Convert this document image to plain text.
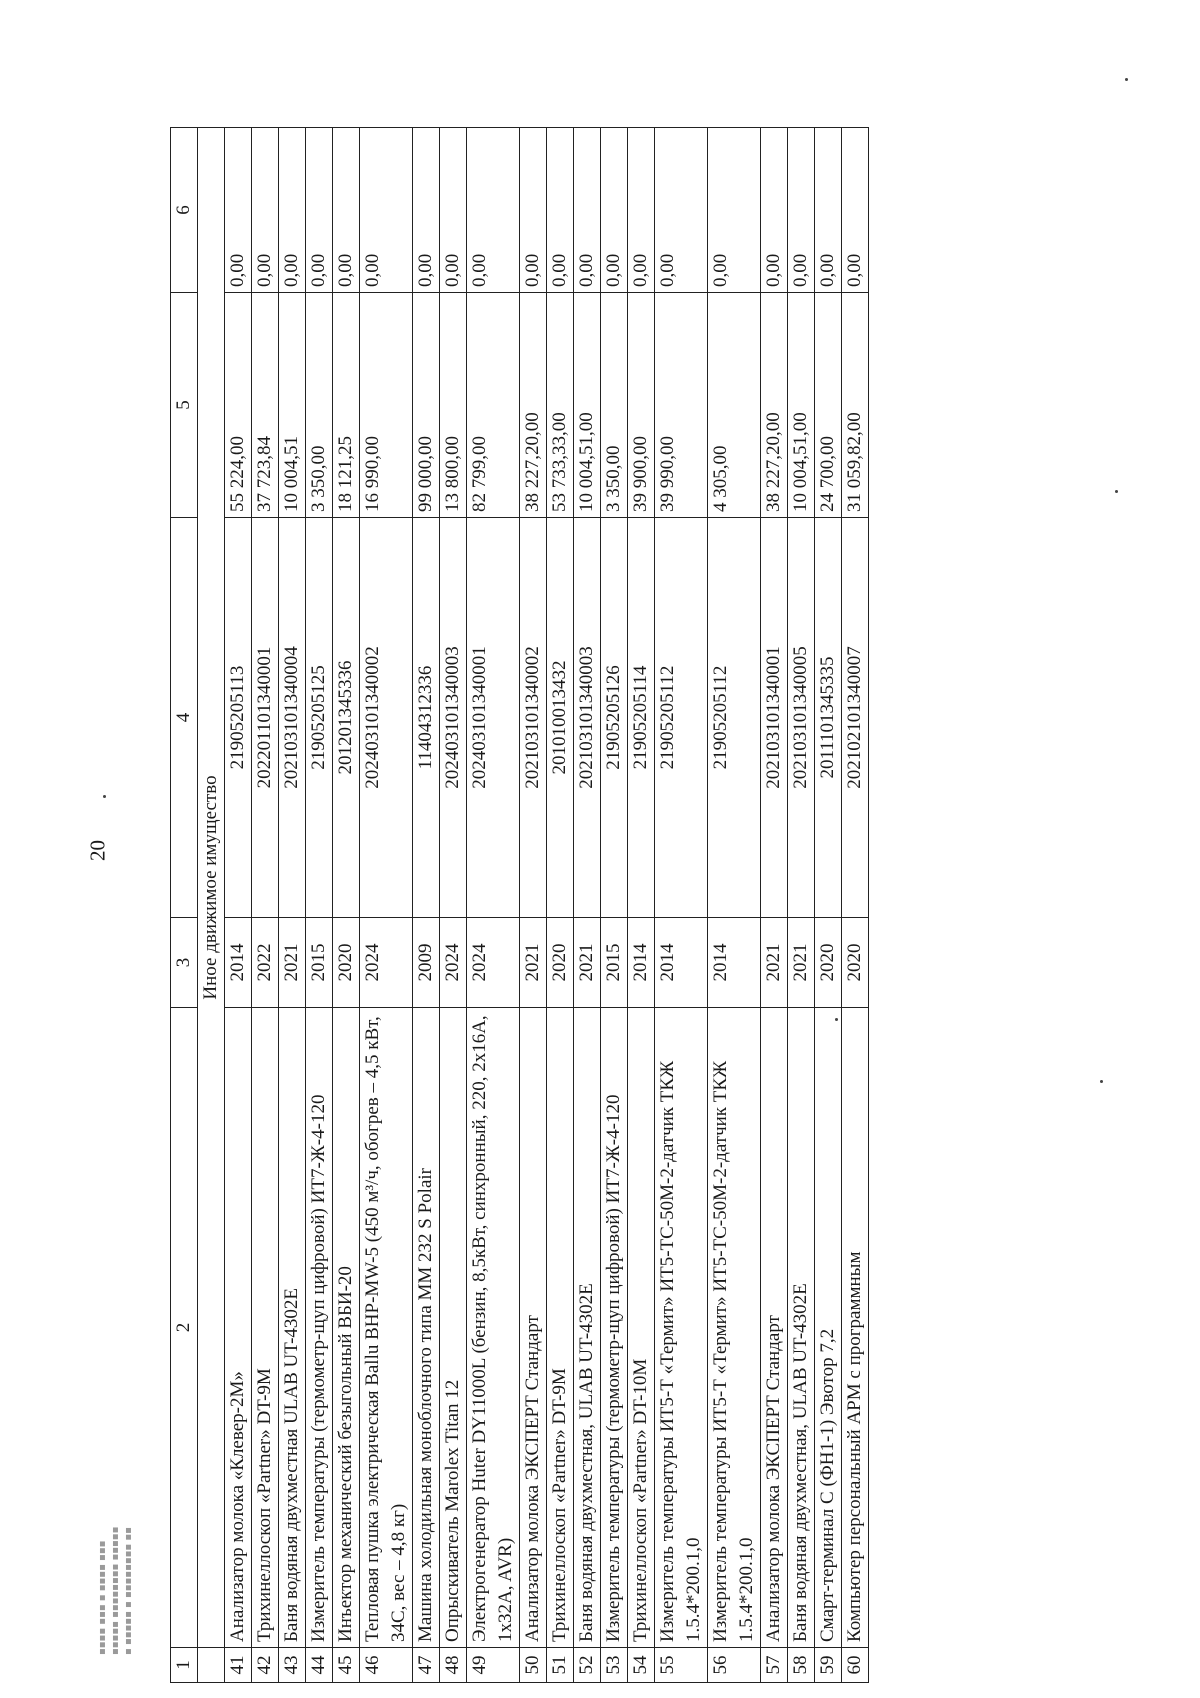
20
▪▪▪▪ ▪▪▪ ▪ ▪▪▪▪ ▪▪▪ ▪▪▪▪▪ ▪▪▪▪▪▪▪▪ ▪▪▪▪▪ ▪ ▪▪▪▪▪ ▪ ▪▪▪▪▪▪▪▪ ▪▪
1	2	3	4	5	6
	Иное движимое имущество				
41	Анализатор молока «Клевер-2М»	2014	21905205113	55 224,00	0,00
42	Трихинеллоскоп «Partner» DT-9M	2022	202201101340001	37 723,84	0,00
43	Баня водяная двухместная ULAB UT-4302E	2021	202103101340004	10 004,51	0,00
44	Измеритель температуры (термометр-щуп цифровой) ИТ7-Ж-4-120	2015	21905205125	3 350,00	0,00
45	Инъектор механический безыгольный ВБИ-20	2020	201201345336	18 121,25	0,00
46	Тепловая пушка электрическая Ballu BHP-MW-5 (450 м³/ч, обогрев – 4,5 кВт, 34С, вес – 4,8 кг)	2024	202403101340002	16 990,00	0,00
47	Машина холодильная моноблочного типа ММ 232 S Polair	2009	11404312336	99 000,00	0,00
48	Опрыскиватель Marolex Titan 12	2024	202403101340003	13 800,00	0,00
49	Электрогенератор Huter DY11000L (бензин, 8,5кВт, синхронный, 220, 2x16A, 1x32A, AVR)	2024	202403101340001	82 799,00	0,00
50	Анализатор молока ЭКСПЕРТ Стандарт	2021	202103101340002	38 227,20,00	0,00
51	Трихинеллоскоп «Partner» DT-9M	2020	201010013432	53 733,33,00	0,00
52	Баня водяная двухместная, ULAB UT-4302E	2021	202103101340003	10 004,51,00	0,00
53	Измеритель температуры (термометр-щуп цифровой) ИТ7-Ж-4-120	2015	21905205126	3 350,00	0,00
54	Трихинеллоскоп «Partner» DT-10M	2014	21905205114	39 900,00	0,00
55	Измеритель температуры ИТ5-Т «Термит» ИТ5-ТС-50М-2-датчик ТКЖ 1.5.4*200.1,0	2014	21905205112	39 990,00	0,00
56	Измеритель температуры ИТ5-Т «Термит» ИТ5-ТС-50М-2-датчик ТКЖ 1.5.4*200.1,0	2014	21905205112	4 305,00	0,00
57	Анализатор молока ЭКСПЕРТ Стандарт	2021	202103101340001	38 227,20,00	0,00
58	Баня водяная двухместная, ULAB UT-4302E	2021	202103101340005	10 004,51,00	0,00
59	Смарт-терминал С (ФН1-1) Эвотор 7,2	2020	2011101345335	24 700,00	0,00
60	Компьютер персональный АРМ с программным	2020	202102101340007	31 059,82,00	0,00
